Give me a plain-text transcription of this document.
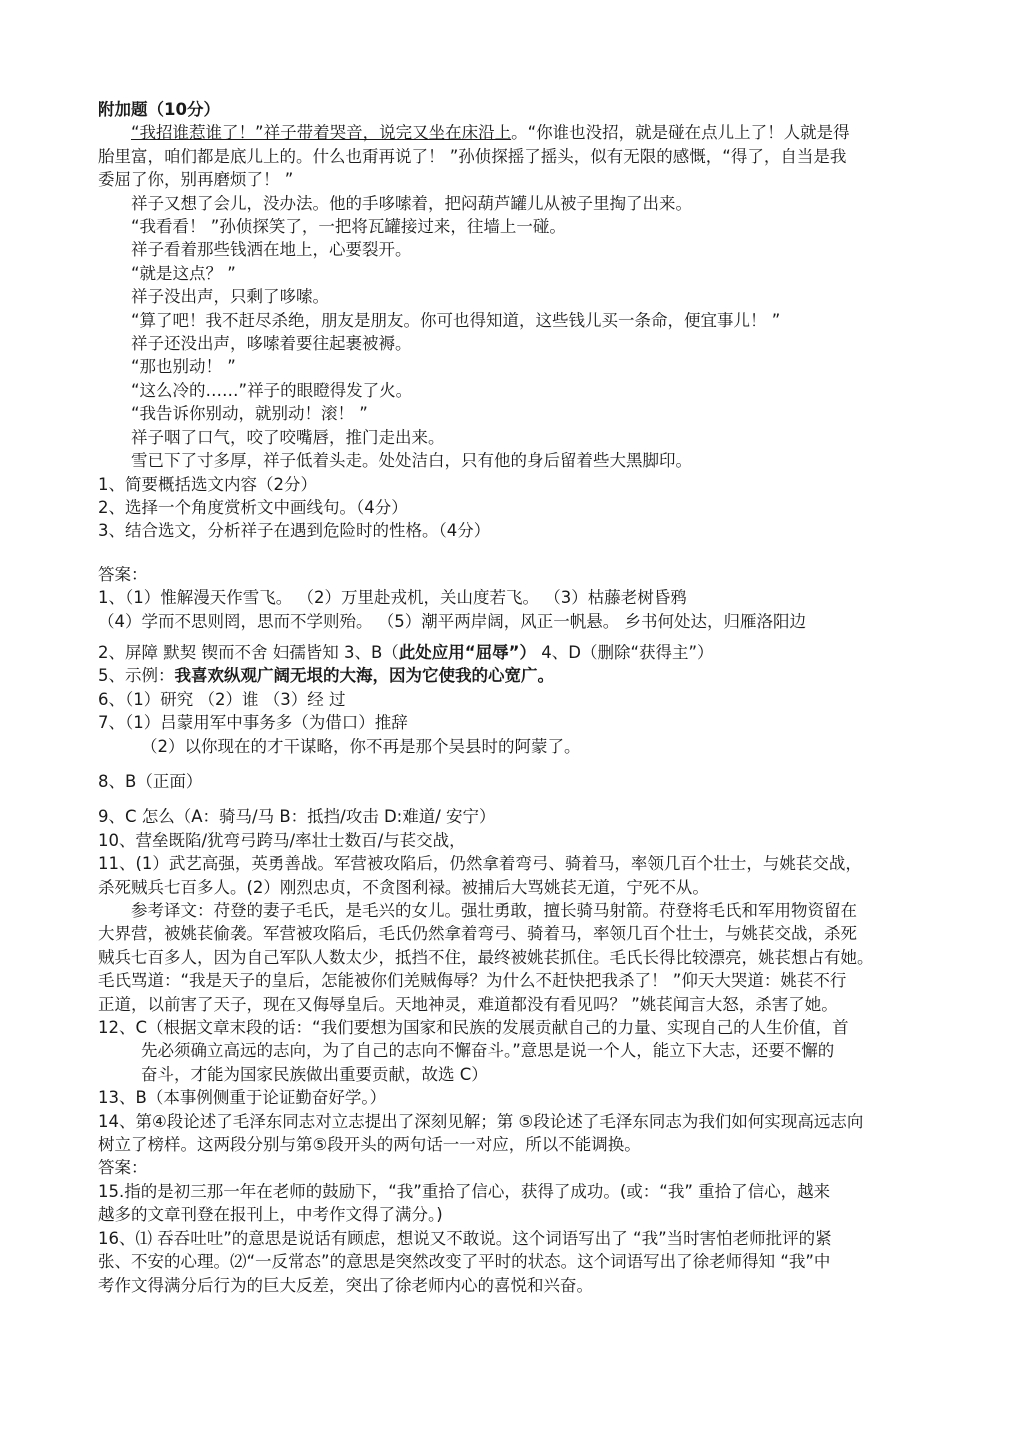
附加题（10分）

“我招谁惹谁了！”祥子带着哭音，说完又坐在床沿上。“你谁也没招，就是碰在点儿上了！人就是得

胎里富，咱们都是底儿上的。什么也甭再说了！ ”孙侦探摇了摇头，似有无限的感慨，“得了，自当是我

委屈了你，别再磨烦了！ ”

祥子又想了会儿，没办法。他的手哆嗦着，把闷葫芦罐儿从被子里掏了出来。

“我看看！ ”孙侦探笑了，一把将瓦罐接过来，往墙上一碰。

祥子看着那些钱洒在地上，心要裂开。

“就是这点？ ”

祥子没出声，只剩了哆嗦。

“算了吧！我不赶尽杀绝，朋友是朋友。你可也得知道，这些钱儿买一条命，便宜事儿！ ”

祥子还没出声，哆嗦着要往起裹被褥。

“那也别动！ ”

“这么冷的……”祥子的眼瞪得发了火。

“我告诉你别动，就别动！滚！ ”

祥子咽了口气，咬了咬嘴唇，推门走出来。

雪已下了寸多厚，祥子低着头走。处处洁白，只有他的身后留着些大黑脚印。

1、简要概括选文内容（2分）

2、选择一个角度赏析文中画线句。（4分）

3、结合选文，分析祥子在遇到危险时的性格。（4分）

答案：

1、（1）惟解漫天作雪飞。 （2）万里赴戎机，关山度若飞。 （3）枯藤老树昏鸦

（4）学而不思则罔，思而不学则殆。 （5）潮平两岸阔，风正一帆悬。 乡书何处达，归雁洛阳边

2、屏障 默契 锲而不舍 妇孺皆知 3、B（此处应用“屈辱”） 4、D（删除“获得主”）

5、示例：我喜欢纵观广阔无垠的大海，因为它使我的心宽广。

6、（1）研究 （2）谁 （3）经 过

7、（1）吕蒙用军中事务多（为借口）推辞

（2）以你现在的才干谋略，你不再是那个吴县时的阿蒙了。

8、B（正面）

9、C 怎么（A：骑马/马 B：抵挡/攻击 D:难道/ 安宁）

10、营垒既陷/犹弯弓跨马/率壮士数百/与苌交战，

11、(1）武艺高强，英勇善战。军营被攻陷后，仍然拿着弯弓、骑着马，率领几百个壮士，与姚苌交战，

杀死贼兵七百多人。(2）刚烈忠贞，不贪图利禄。被捕后大骂姚苌无道，宁死不从。

参考译文：苻登的妻子毛氏，是毛兴的女儿。强壮勇敢，擅长骑马射箭。苻登将毛氏和军用物资留在

大界营，被姚苌偷袭。军营被攻陷后，毛氏仍然拿着弯弓、骑着马，率领几百个壮士，与姚苌交战，杀死

贼兵七百多人，因为自己军队人数太少，抵挡不住，最终被姚苌抓住。毛氏长得比较漂亮，姚苌想占有她。

毛氏骂道：“我是天子的皇后，怎能被你们羌贼侮辱？为什么不赶快把我杀了！ ”仰天大哭道：姚苌不行

正道，以前害了天子，现在又侮辱皇后。天地神灵，难道都没有看见吗？ ”姚苌闻言大怒，杀害了她。

12、C（根据文章末段的话：“我们要想为国家和民族的发展贡献自己的力量、实现自己的人生价值，首

先必须确立高远的志向，为了自己的志向不懈奋斗。”意思是说一个人，能立下大志，还要不懈的

奋斗，才能为国家民族做出重要贡献，故选 C）

13、B（本事例侧重于论证勤奋好学。）

14、第④段论述了毛泽东同志对立志提出了深刻见解；第 ⑤段论述了毛泽东同志为我们如何实现高远志向

树立了榜样。这两段分别与第⑤段开头的两句话一一对应，所以不能调换。

答案：

15.指的是初三那一年在老师的鼓励下，“我”重拾了信心，获得了成功。(或：“我” 重拾了信心，越来

越多的文章刊登在报刊上，中考作文得了满分。)

16、⑴ 吞吞吐吐”的意思是说话有顾虑，想说又不敢说。这个词语写出了 “我”当时害怕老师批评的紧

张、不安的心理。⑵“一反常态”的意思是突然改变了平时的状态。这个词语写出了徐老师得知 “我”中

考作文得满分后行为的巨大反差，突出了徐老师内心的喜悦和兴奋。
